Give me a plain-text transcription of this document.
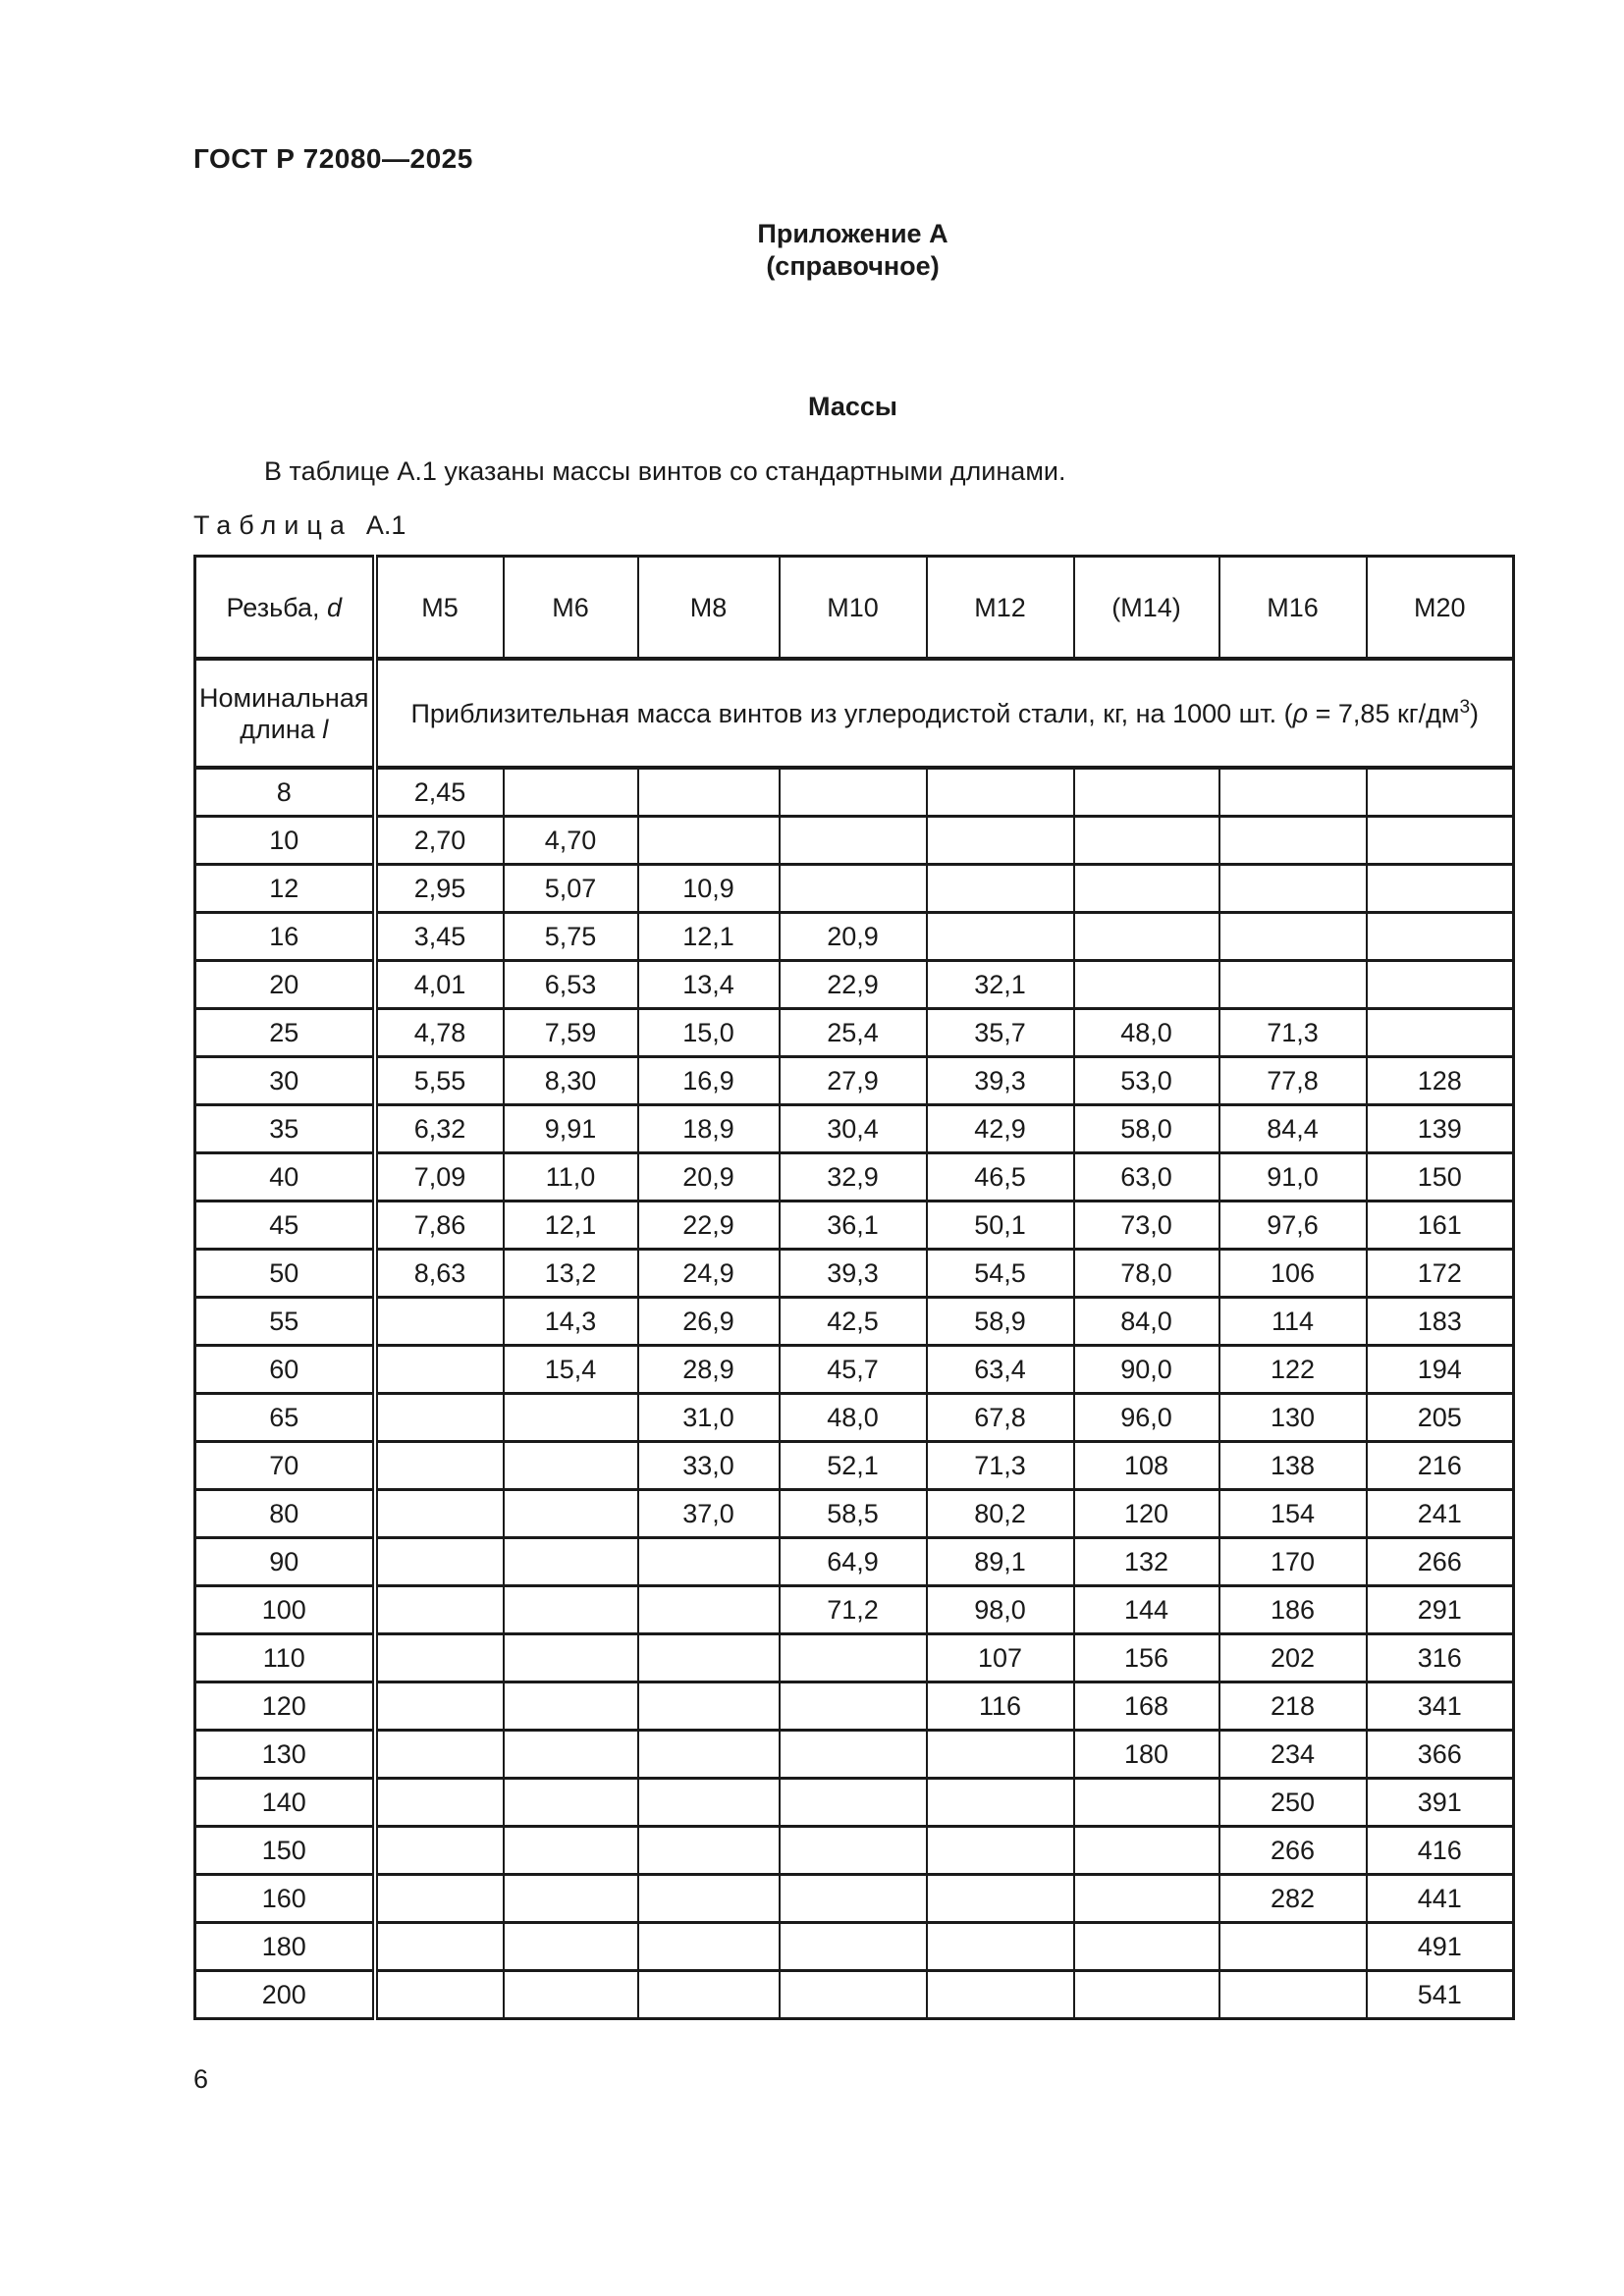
ГОСТ Р 72080—2025
Приложение А
(справочное)
Массы

В таблице А.1 указаны массы винтов со стандартными длинами.

Таблица А.1
Резьба, d	М5	М6	М8	М10	М12	(М14)	М16	М20

Номинальная
длина l	Приблизительная масса винтов из углеродистой стали, кг, на 1000 шт. (ρ = 7,85 $кг/дм^3$)							
8	2,45							
10	2,70	4,70						
12	2,95	5,07	10,9					
16	3,45	5,75	12,1	20,9				
20	4,01	6,53	13,4	22,9	32,1			
25	4,78	7,59	15,0	25,4	35,7	48,0	71,3	
30	5,55	8,30	16,9	27,9	39,3	53,0	77,8	128
35	6,32	9,91	18,9	30,4	42,9	58,0	84,4	139
40	7,09	11,0	20,9	32,9	46,5	63,0	91,0	150
45	7,86	12,1	22,9	36,1	50,1	73,0	97,6	161
50	8,63	13,2	24,9	39,3	54,5	78,0	106	172
55		14,3	26,9	42,5	58,9	84,0	114	183
60		15,4	28,9	45,7	63,4	90,0	122	194
65			31,0	48,0	67,8	96,0	130	205
70			33,0	52,1	71,3	108	138	216
80			37,0	58,5	80,2	120	154	241
90				64,9	89,1	132	170	266
100				71,2	98,0	144	186	291
110					107	156	202	316
120					116	168	218	341
130						180	234	366
140							250	391
150							266	416
160							282	441
180								491
200								541
6
